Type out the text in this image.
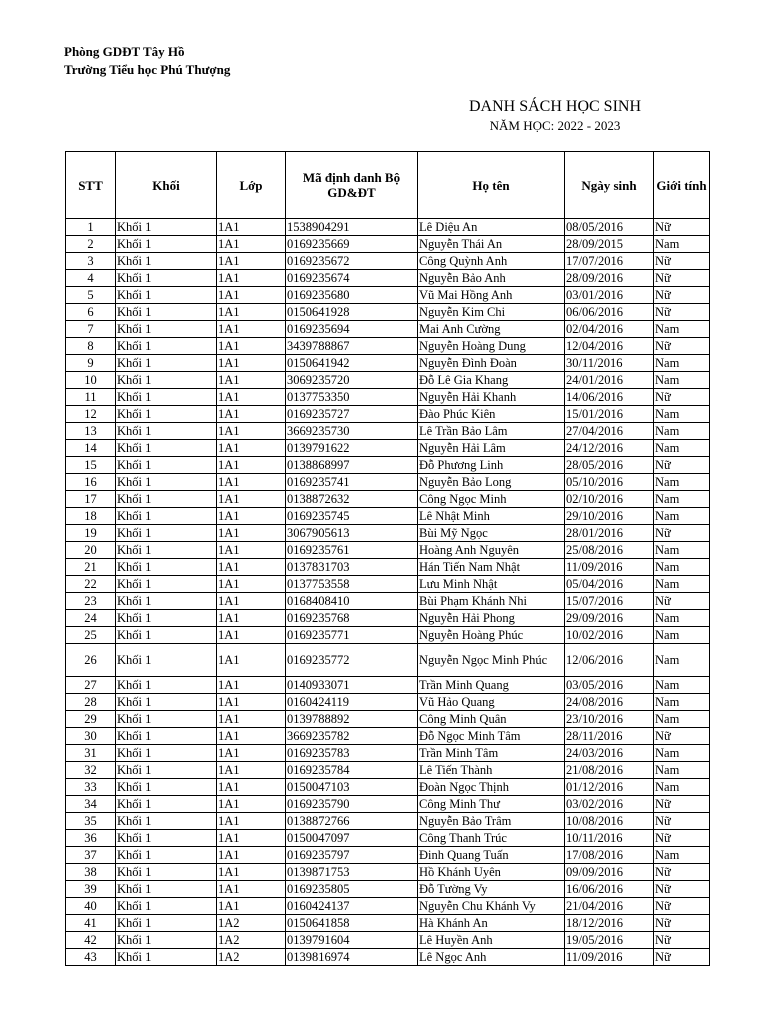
Phòng GDĐT Tây Hồ
Trường Tiểu học Phú Thượng
DANH SÁCH HỌC SINH
NĂM HỌC: 2022 - 2023
STT	Khối	Lớp	Mã định danh Bộ GD&ĐT	Họ tên	Ngày sinh	Giới tính
1	Khối 1	1A1	1538904291	Lê Diệu An	08/05/2016	Nữ
2	Khối 1	1A1	0169235669	Nguyễn Thái An	28/09/2015	Nam
3	Khối 1	1A1	0169235672	Công Quỳnh Anh	17/07/2016	Nữ
4	Khối 1	1A1	0169235674	Nguyễn Bảo Anh	28/09/2016	Nữ
5	Khối 1	1A1	0169235680	Vũ Mai Hồng Anh	03/01/2016	Nữ
6	Khối 1	1A1	0150641928	Nguyễn Kim Chi	06/06/2016	Nữ
7	Khối 1	1A1	0169235694	Mai Anh Cường	02/04/2016	Nam
8	Khối 1	1A1	3439788867	Nguyễn Hoàng Dung	12/04/2016	Nữ
9	Khối 1	1A1	0150641942	Nguyễn Đình Đoàn	30/11/2016	Nam
10	Khối 1	1A1	3069235720	Đỗ Lê Gia Khang	24/01/2016	Nam
11	Khối 1	1A1	0137753350	Nguyễn Hải Khanh	14/06/2016	Nữ
12	Khối 1	1A1	0169235727	Đào Phúc Kiên	15/01/2016	Nam
13	Khối 1	1A1	3669235730	Lê Trần Bảo Lâm	27/04/2016	Nam
14	Khối 1	1A1	0139791622	Nguyễn Hải Lâm	24/12/2016	Nam
15	Khối 1	1A1	0138868997	Đỗ Phương Linh	28/05/2016	Nữ
16	Khối 1	1A1	0169235741	Nguyễn Bảo Long	05/10/2016	Nam
17	Khối 1	1A1	0138872632	Công Ngọc Minh	02/10/2016	Nam
18	Khối 1	1A1	0169235745	Lê Nhật Minh	29/10/2016	Nam
19	Khối 1	1A1	3067905613	Bùi Mỹ Ngọc	28/01/2016	Nữ
20	Khối 1	1A1	0169235761	Hoàng Anh Nguyên	25/08/2016	Nam
21	Khối 1	1A1	0137831703	Hán Tiến Nam Nhật	11/09/2016	Nam
22	Khối 1	1A1	0137753558	Lưu Minh Nhật	05/04/2016	Nam
23	Khối 1	1A1	0168408410	Bùi Phạm Khánh Nhi	15/07/2016	Nữ
24	Khối 1	1A1	0169235768	Nguyễn Hải Phong	29/09/2016	Nam
25	Khối 1	1A1	0169235771	Nguyễn Hoàng Phúc	10/02/2016	Nam
26	Khối 1	1A1	0169235772	Nguyễn Ngọc Minh Phúc	12/06/2016	Nam
27	Khối 1	1A1	0140933071	Trần Minh Quang	03/05/2016	Nam
28	Khối 1	1A1	0160424119	Vũ Hảo Quang	24/08/2016	Nam
29	Khối 1	1A1	0139788892	Công Minh Quân	23/10/2016	Nam
30	Khối 1	1A1	3669235782	Đỗ Ngọc Minh Tâm	28/11/2016	Nữ
31	Khối 1	1A1	0169235783	Trần Minh Tâm	24/03/2016	Nam
32	Khối 1	1A1	0169235784	Lê Tiến Thành	21/08/2016	Nam
33	Khối 1	1A1	0150047103	Đoàn Ngọc Thịnh	01/12/2016	Nam
34	Khối 1	1A1	0169235790	Công Minh Thư	03/02/2016	Nữ
35	Khối 1	1A1	0138872766	Nguyễn Bảo Trâm	10/08/2016	Nữ
36	Khối 1	1A1	0150047097	Công Thanh Trúc	10/11/2016	Nữ
37	Khối 1	1A1	0169235797	Đinh Quang Tuấn	17/08/2016	Nam
38	Khối 1	1A1	0139871753	Hồ Khánh Uyên	09/09/2016	Nữ
39	Khối 1	1A1	0169235805	Đỗ Tường Vy	16/06/2016	Nữ
40	Khối 1	1A1	0160424137	Nguyễn Chu Khánh Vy	21/04/2016	Nữ
41	Khối 1	1A2	0150641858	Hà Khánh An	18/12/2016	Nữ
42	Khối 1	1A2	0139791604	Lê Huyền Anh	19/05/2016	Nữ
43	Khối 1	1A2	0139816974	Lê Ngọc Anh	11/09/2016	Nữ
